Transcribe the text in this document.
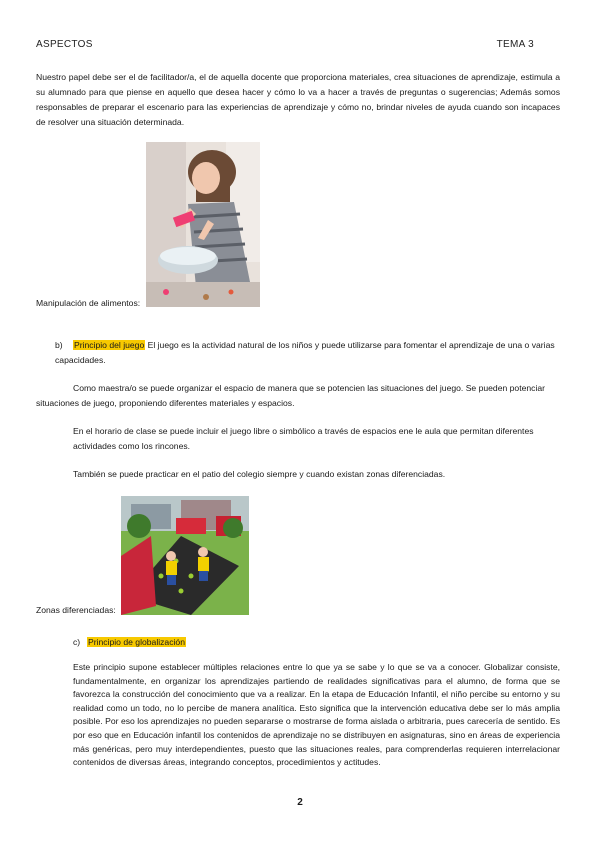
ASPECTOS	TEMA 3

Nuestro papel debe ser el de facilitador/a, el de aquella docente que proporciona materiales, crea situaciones de aprendizaje, estimula a su alumnado para que piense en aquello que desea hacer y cómo lo va a hacer a través de preguntas o sugerencias; Además somos responsables de preparar el escenario para las experiencias de aprendizaje y cómo no, brindar niveles de ayuda cuando son incapaces de resolver una situación determinada.

Manipulación de alimentos:

b) Principio del juego El juego es la actividad natural de los niños y puede utilizarse para fomentar el aprendizaje de una o varias capacidades.

Como maestra/o se puede organizar el espacio de manera que se potencien las situaciones del juego. Se pueden potenciar situaciones de juego, proponiendo diferentes materiales y espacios.

En el horario de clase se puede incluir el juego libre o simbólico a través de espacios ene le aula que permitan diferentes actividades como los rincones.

También se puede practicar en el patio del colegio siempre y cuando existan zonas diferenciadas.

Zonas diferenciadas:

c) Principio de globalización

Este principio supone establecer múltiples relaciones entre lo que ya se sabe y lo que se va a conocer. Globalizar consiste, fundamentalmente, en organizar los aprendizajes partiendo de realidades significativas para el alumno, de forma que se favorezca la construcción del conocimiento que va a realizar. En la etapa de Educación Infantil, el niño percibe su entorno y su realidad como un todo, no lo percibe de manera analítica. Esto significa que la intervención educativa debe ser lo más amplia posible. Por eso los aprendizajes no pueden separarse o mostrarse de forma aislada o arbitraria, pues carecería de sentido. Es por eso que en Educación infantil los contenidos de aprendizaje no se distribuyen en asignaturas, sino en áreas de experiencia más genéricas, pero muy interdependientes, puesto que las situaciones reales, para comprenderlas requieren interrelacionar contenidos de diversas áreas, integrando conceptos, procedimientos y actitudes.

2
